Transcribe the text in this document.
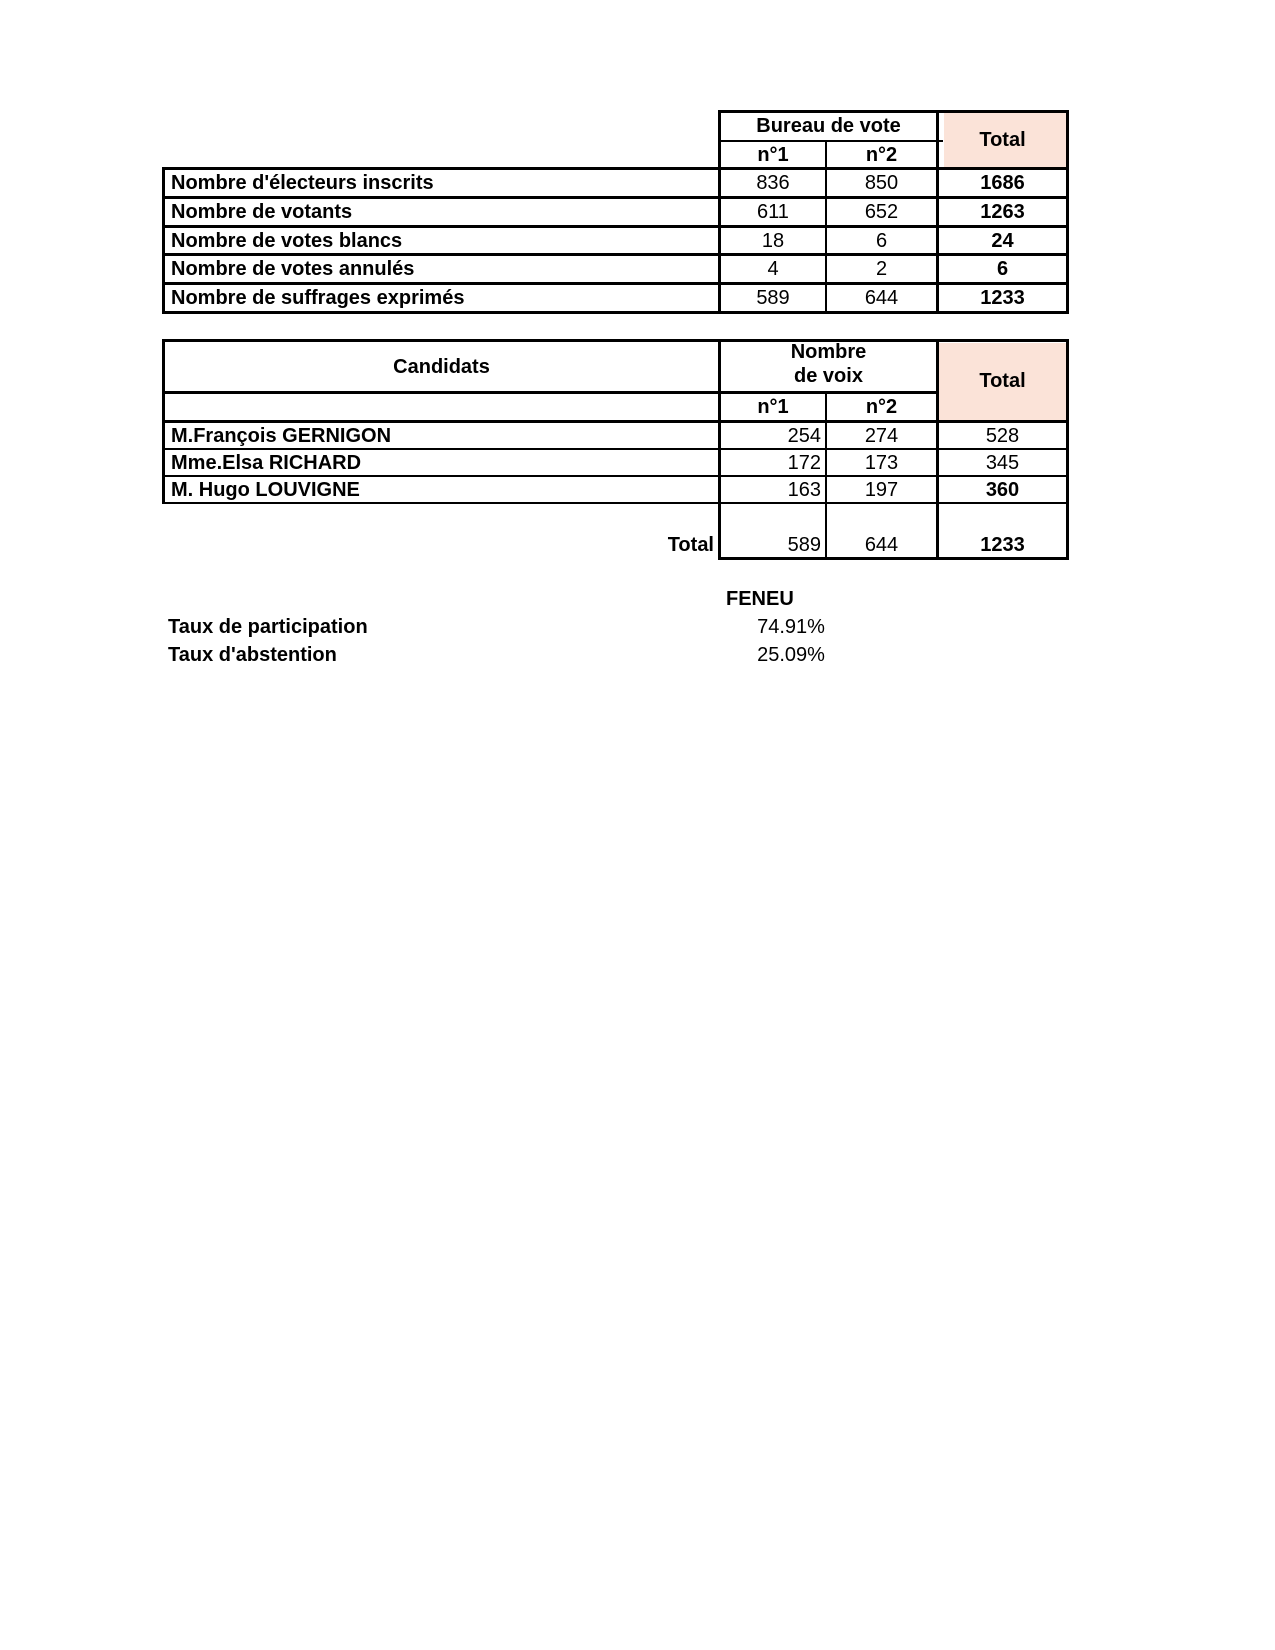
Bureau de vote
n°1	n°2
Total
Nombre d'électeurs inscrits	836	850	1686
Nombre de votants	611	652	1263
Nombre de votes blancs	18	6	24
Nombre de votes annulés	4	2	6
Nombre de suffrages exprimés	589	644	1233
Candidats
Nombre
de voix
n°1	n°2
Total
M.François GERNIGON	254	274	528
Mme.Elsa RICHARD	172	173	345
M. Hugo LOUVIGNE	163	197	360
Total	589	644	1233
FENEU
Taux de participation	74.91%
Taux d'abstention	25.09%
